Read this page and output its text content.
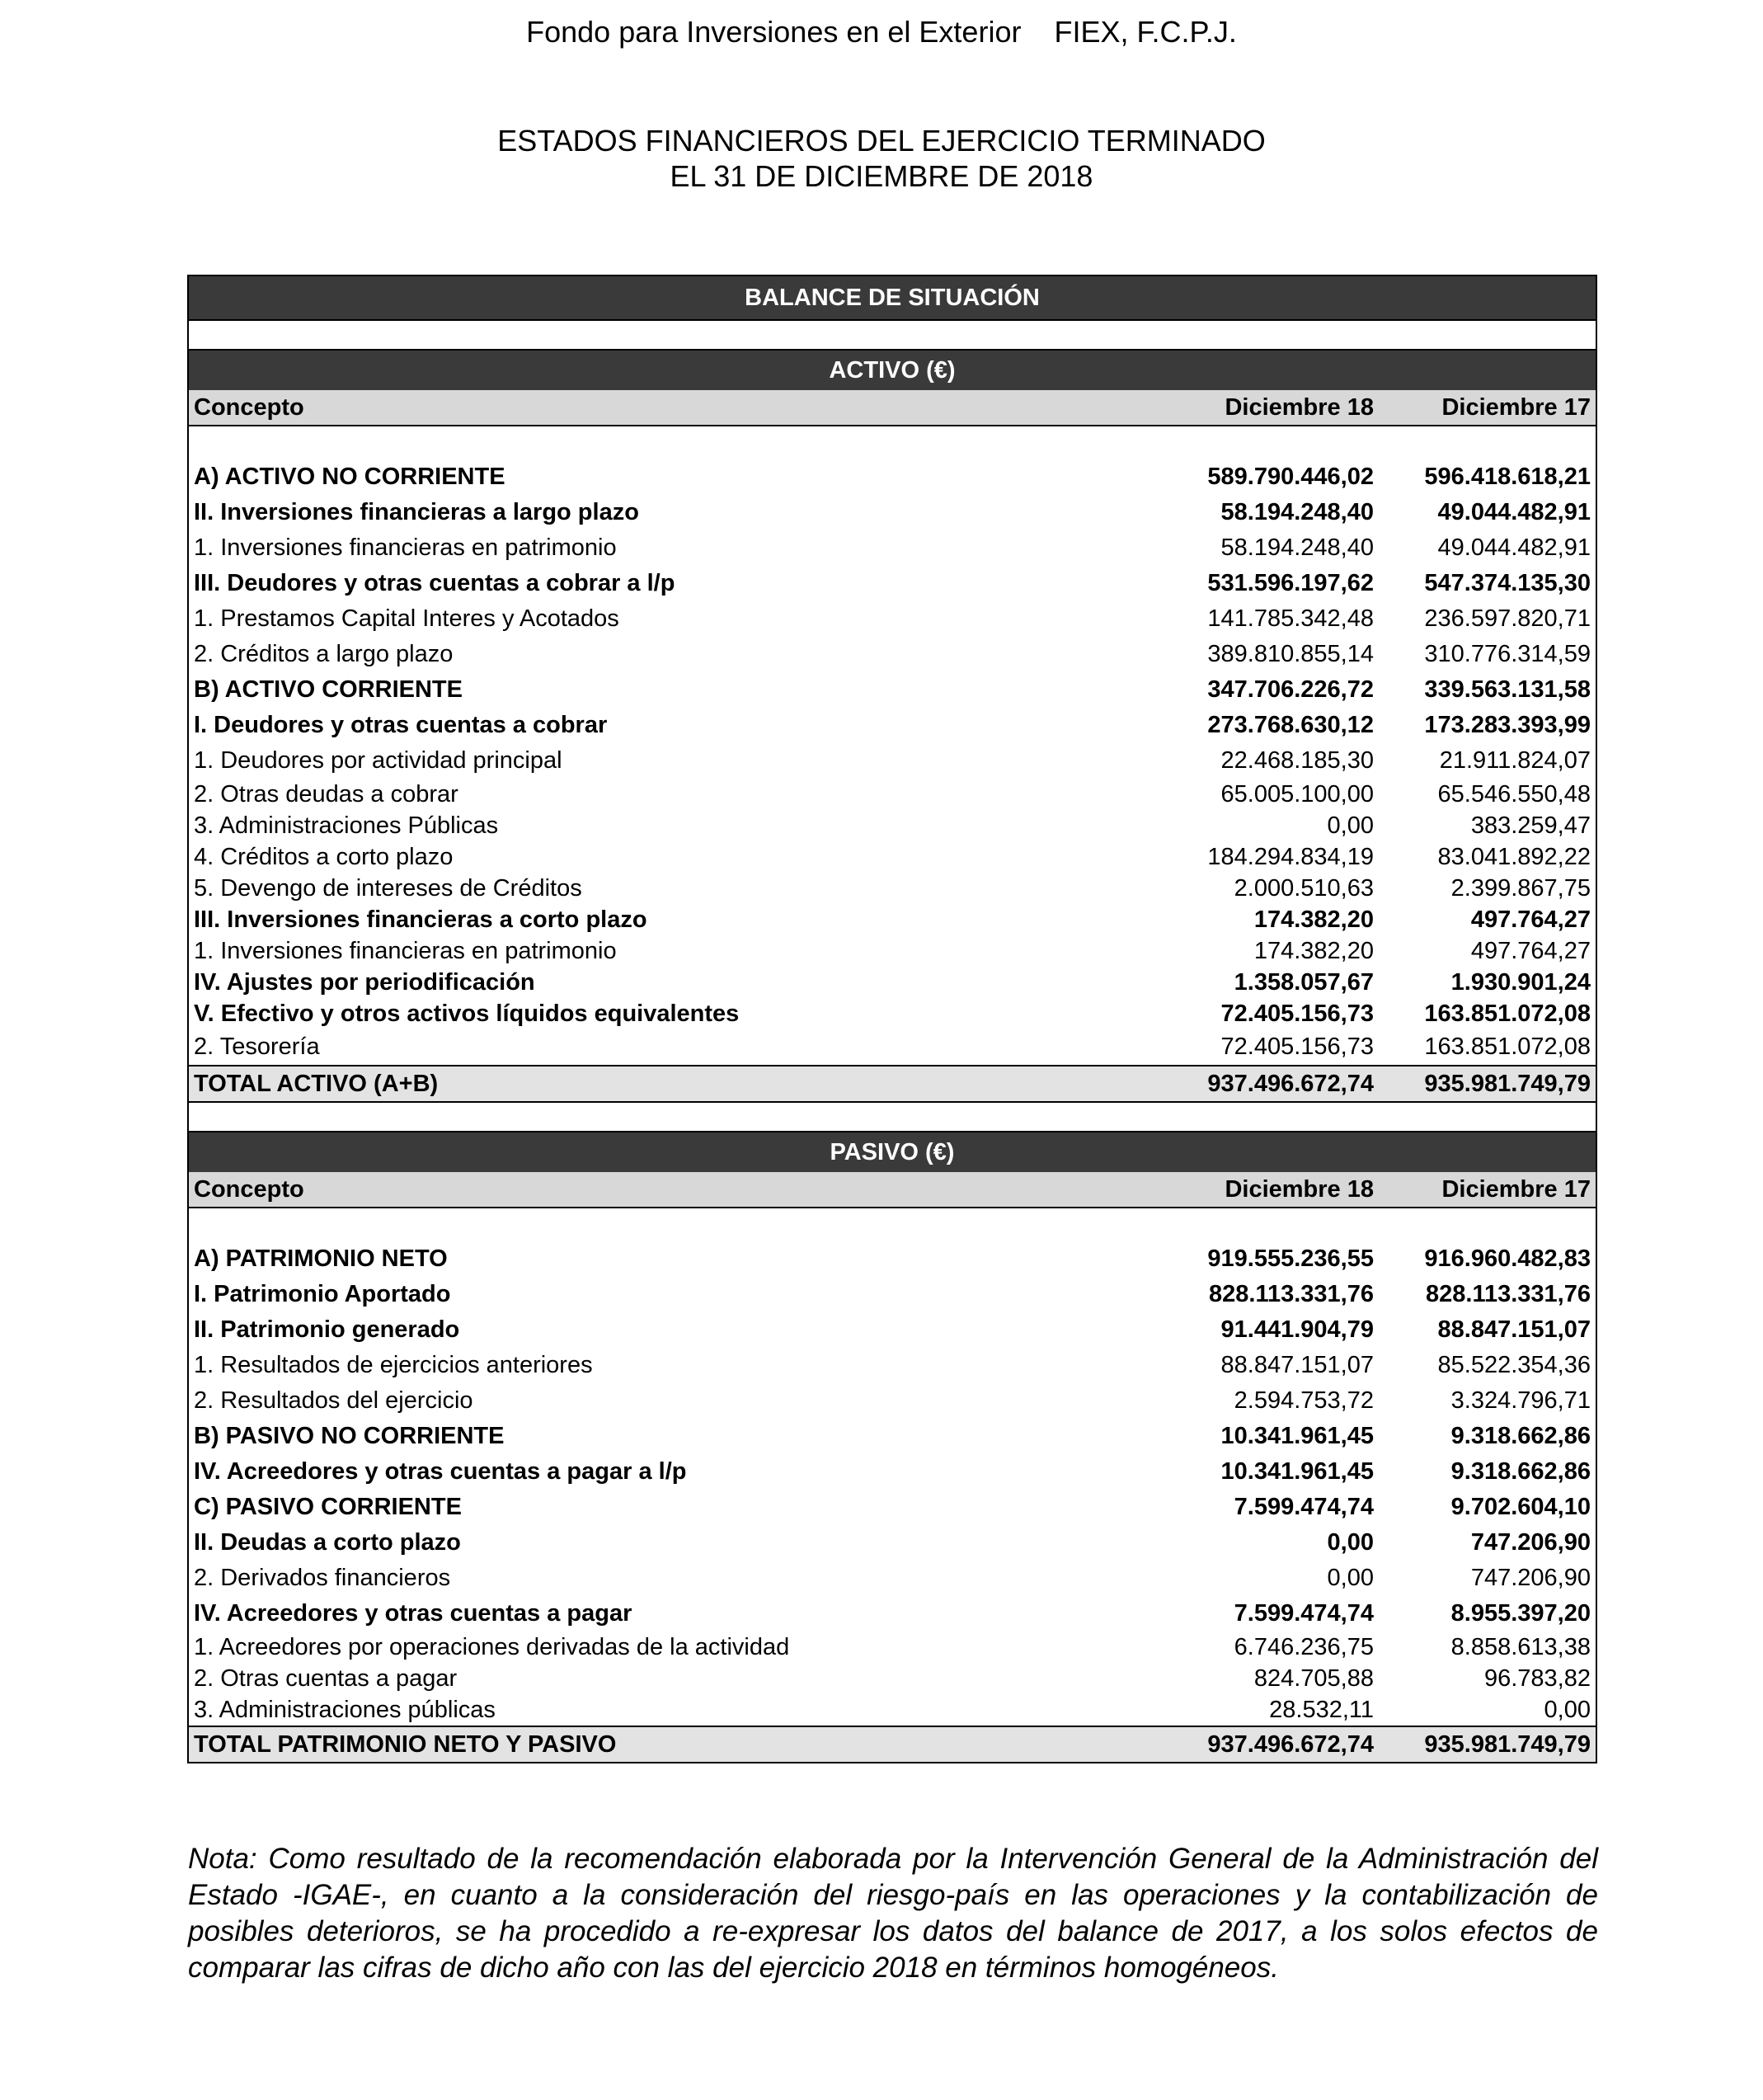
Fondo para Inversiones en el Exterior FIEX, F.C.P.J.
ESTADOS FINANCIEROS DEL EJERCICIO TERMINADO
EL 31 DE DICIEMBRE DE 2018
BALANCE DE SITUACIÓN		

ACTIVO (€)		
Concepto	Diciembre 18	Diciembre 17

A) ACTIVO NO CORRIENTE	589.790.446,02	596.418.618,21
II. Inversiones financieras a largo plazo	58.194.248,40	49.044.482,91
1. Inversiones financieras en patrimonio	58.194.248,40	49.044.482,91
III. Deudores y otras cuentas a cobrar a l/p	531.596.197,62	547.374.135,30
1. Prestamos Capital Interes y Acotados	141.785.342,48	236.597.820,71
2. Créditos a largo plazo	389.810.855,14	310.776.314,59
B) ACTIVO CORRIENTE	347.706.226,72	339.563.131,58
I. Deudores y otras cuentas a cobrar	273.768.630,12	173.283.393,99
1. Deudores por actividad principal	22.468.185,30	21.911.824,07
2. Otras deudas a cobrar	65.005.100,00	65.546.550,48
3. Administraciones Públicas	0,00	383.259,47
4. Créditos a corto plazo	184.294.834,19	83.041.892,22
5. Devengo de intereses de Créditos	2.000.510,63	2.399.867,75
III. Inversiones financieras a corto plazo	174.382,20	497.764,27
1. Inversiones financieras en patrimonio	174.382,20	497.764,27
IV. Ajustes por periodificación	1.358.057,67	1.930.901,24
V. Efectivo y otros activos líquidos equivalentes	72.405.156,73	163.851.072,08
2. Tesorería	72.405.156,73	163.851.072,08
TOTAL ACTIVO (A+B)	937.496.672,74	935.981.749,79

PASIVO (€)		
Concepto	Diciembre 18	Diciembre 17

A) PATRIMONIO NETO	919.555.236,55	916.960.482,83
I. Patrimonio Aportado	828.113.331,76	828.113.331,76
II. Patrimonio generado	91.441.904,79	88.847.151,07
1. Resultados de ejercicios anteriores	88.847.151,07	85.522.354,36
2. Resultados del ejercicio	2.594.753,72	3.324.796,71
B) PASIVO NO CORRIENTE	10.341.961,45	9.318.662,86
IV. Acreedores y otras cuentas a pagar a l/p	10.341.961,45	9.318.662,86
C) PASIVO CORRIENTE	7.599.474,74	9.702.604,10
II. Deudas a corto plazo	0,00	747.206,90
2. Derivados financieros	0,00	747.206,90
IV. Acreedores y otras cuentas a pagar	7.599.474,74	8.955.397,20
1. Acreedores por operaciones derivadas de la actividad	6.746.236,75	8.858.613,38
2. Otras cuentas a pagar	824.705,88	96.783,82
3. Administraciones públicas	28.532,11	0,00
TOTAL PATRIMONIO NETO Y PASIVO	937.496.672,74	935.981.749,79
Nota: Como resultado de la recomendación elaborada por la Intervención General de la Administración del Estado -IGAE-, en cuanto a la consideración del riesgo-país en las operaciones y la contabilización de posibles deterioros, se ha procedido a re-expresar los datos del balance de 2017, a los solos efectos de comparar las cifras de dicho año con las del ejercicio 2018 en términos homogéneos.
